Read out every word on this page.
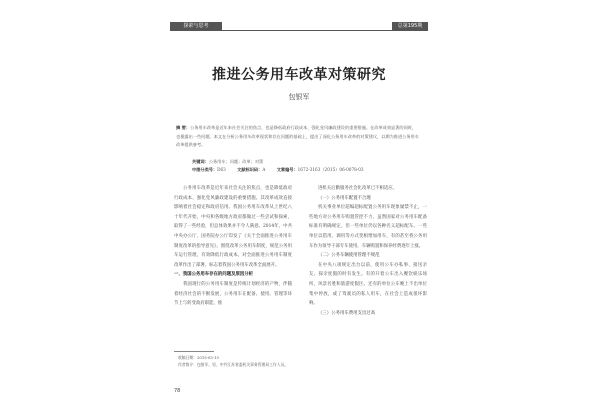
探索与思考	总第195期
推进公务用车改革对策研究
包银军

摘 要：公务用车改革是近年来社会关注的焦点，也是降低政府行政成本、强化党风廉政建设的重要措施。在改革成效显著的同时，也暴露出一些问题。本文在分析公务用车改革现状和存在问题的基础上，提出了深化公务用车改革的对策建议，以期为推进公务用车改革提供参考。

关键词：公务用车；问题；改革；对策
中图分类号：D63	文献标识码：A	文章编号：1672-3163（2015）06-0078-03

公务用车改革是近年来社会关注的焦点，也是降低政府行政成本、强化党风廉政建设的重要措施。其改革成效直接影响着社会稳定和政府信用。我国公务用车改革从上世纪八十年代开始，中央和各级地方政府都做过一些尝试和探索，取得了一些经验，但总体效果并不令人满意。2014年，中共中央办公厅、国务院办公厅印发了《关于全面推进公务用车制度改革的指导意见》，围绕改革公务用车制度，规范公务用车运行管理，有效降低行政成本。对全面推进公务用车制度改革作出了部署，标志着我国公务用车改革全面展开。

一、我国公务用车存在的问题及原因分析

我国现行的公务用车制度是传统计划经济的产物，伴随着经济社会的不断发展，公务用车在配备、使用、管理等环节上与转变政府职能、推

进机关后勤服务社会化改革已不相适应。

（一）公务用车配置不合理

机关事业单位超编超标配置公务用车现象屡禁不止，一些地方对公务用车购置管控不力，虽然国家对公务用车配备标准有明确规定，但一些单位仍以各种名义超标配车。一些单位以借用、调用等方式变相增加用车，有的甚至将公务用车作为领导干部专车使用，车辆购置和保养经费逐年上涨。

（二）公务车辆使用管理不规范

在中央八项规定出台以前，使用公车办私事、接送亲友、探亲度假的时有发生。有的开着公车出入餐饮娱乐场所，风景名胜和旅游度假区。还有的单位公车晚上不出单位集中停放，或了驾驶员的私人用车，在社会上造成很坏影响。

（三）公务用车费用支出过高

收稿日期：2015-05-15
作者简介：包银军，男，中共江苏省委机关事务管理局工作人员。
78
